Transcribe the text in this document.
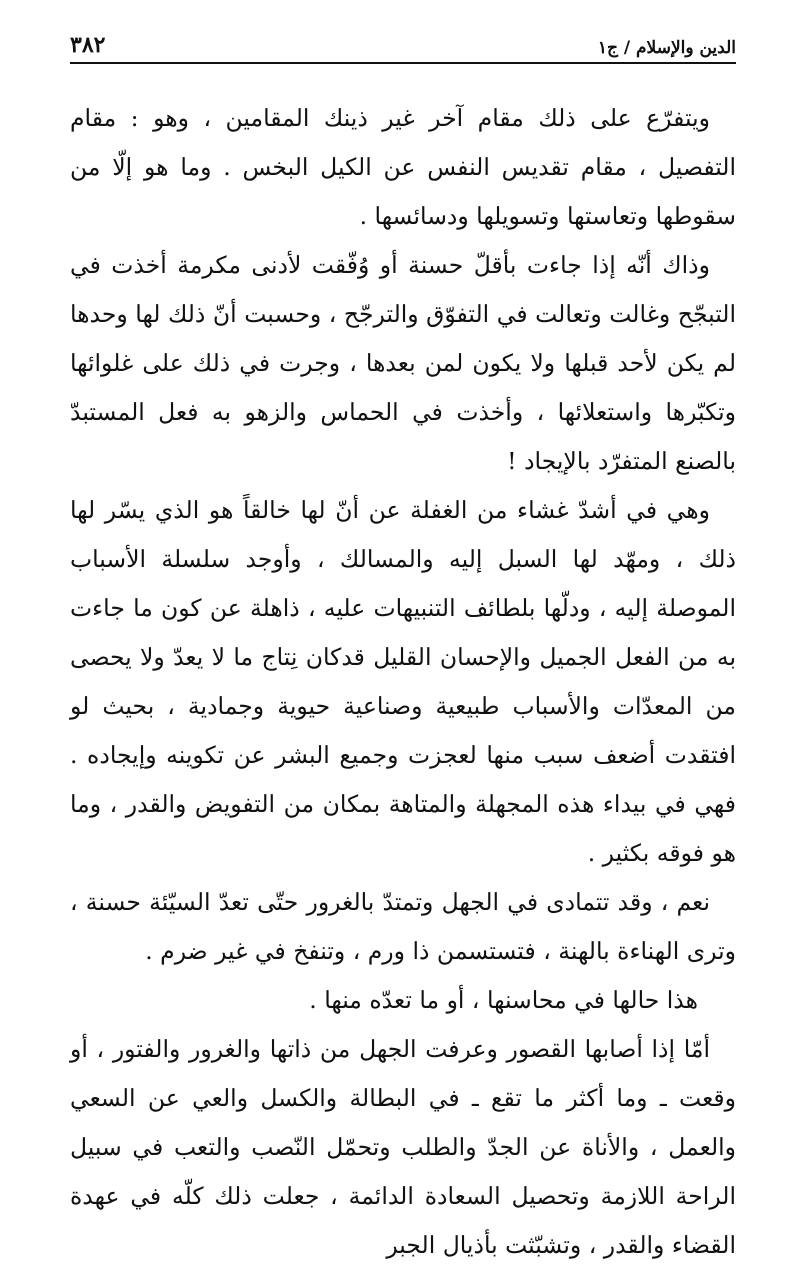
الدين والإسلام / ج١
٣٨٢

ويتفرّع على ذلك مقام آخر غير ذينك المقامين ، وهو : مقام التفصيل ، مقام تقديس النفس عن الكيل البخس . وما هو إلّا من سقوطها وتعاستها وتسويلها ودسائسها .

وذاك أنّه إذا جاءت بأقلّ حسنة أو وُفّقت لأدنى مكرمة أخذت في التبجّح وغالت وتعالت في التفوّق والترجّح ، وحسبت أنّ ذلك لها وحدها لم يكن لأحد قبلها ولا يكون لمن بعدها ، وجرت في ذلك على غلوائها وتكبّرها واستعلائها ، وأخذت في الحماس والزهو به فعل المستبدّ بالصنع المتفرّد بالإيجاد !

وهي في أشدّ غشاء من الغفلة عن أنّ لها خالقاً هو الذي يسّر لها ذلك ، ومهّد لها السبل إليه والمسالك ، وأوجد سلسلة الأسباب الموصلة إليه ، ودلّها بلطائف التنبيهات عليه ، ذاهلة عن كون ما جاءت به من الفعل الجميل والإحسان القليل قدكان نِتاج ما لا يعدّ ولا يحصى من المعدّات والأسباب طبيعية وصناعية حيوية وجمادية ، بحيث لو افتقدت أضعف سبب منها لعجزت وجميع البشر عن تكوينه وإيجاده . فهي في بيداء هذه المجهلة والمتاهة بمكان من التفويض والقدر ، وما هو فوقه بكثير .

نعم ، وقد تتمادى في الجهل وتمتدّ بالغرور حتّى تعدّ السيّئة حسنة ، وترى الهناءة بالهنة ، فتستسمن ذا ورم ، وتنفخ في غير ضرم .

هذا حالها في محاسنها ، أو ما تعدّه منها .

أمّا إذا أصابها القصور وعرفت الجهل من ذاتها والغرور والفتور ، أو وقعت ـ وما أكثر ما تقع ـ في البطالة والكسل والعي عن السعي والعمل ، والأناة عن الجدّ والطلب وتحمّل النّصب والتعب في سبيل الراحة اللازمة وتحصيل السعادة الدائمة ، جعلت ذلك كلّه في عهدة القضاء والقدر ، وتشبّثت بأذيال الجبر
